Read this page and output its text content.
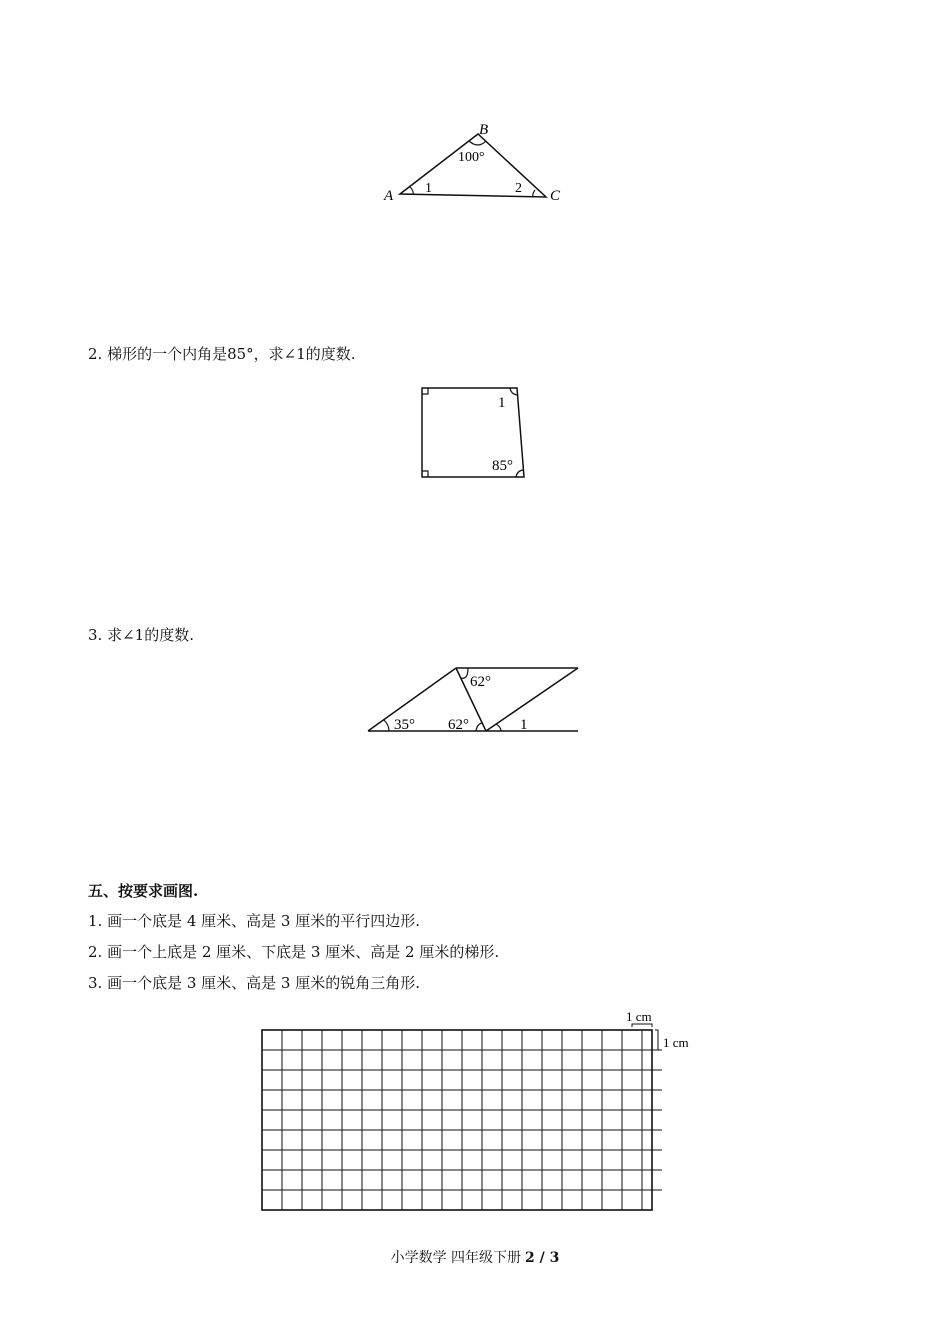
A
B
C
100°
1	2
2. 梯形的一个内角是85°，求∠1的度数.
1
85°
3. 求∠1的度数.
62°
35° 62°	1
五、按要求画图.
1. 画一个底是 4 厘米、高是 3 厘米的平行四边形.
2. 画一个上底是 2 厘米、下底是 3 厘米、高是 2 厘米的梯形.
3. 画一个底是 3 厘米、高是 3 厘米的锐角三角形.
1 cm
1 cm
小学数学 四年级下册 2 / 3
